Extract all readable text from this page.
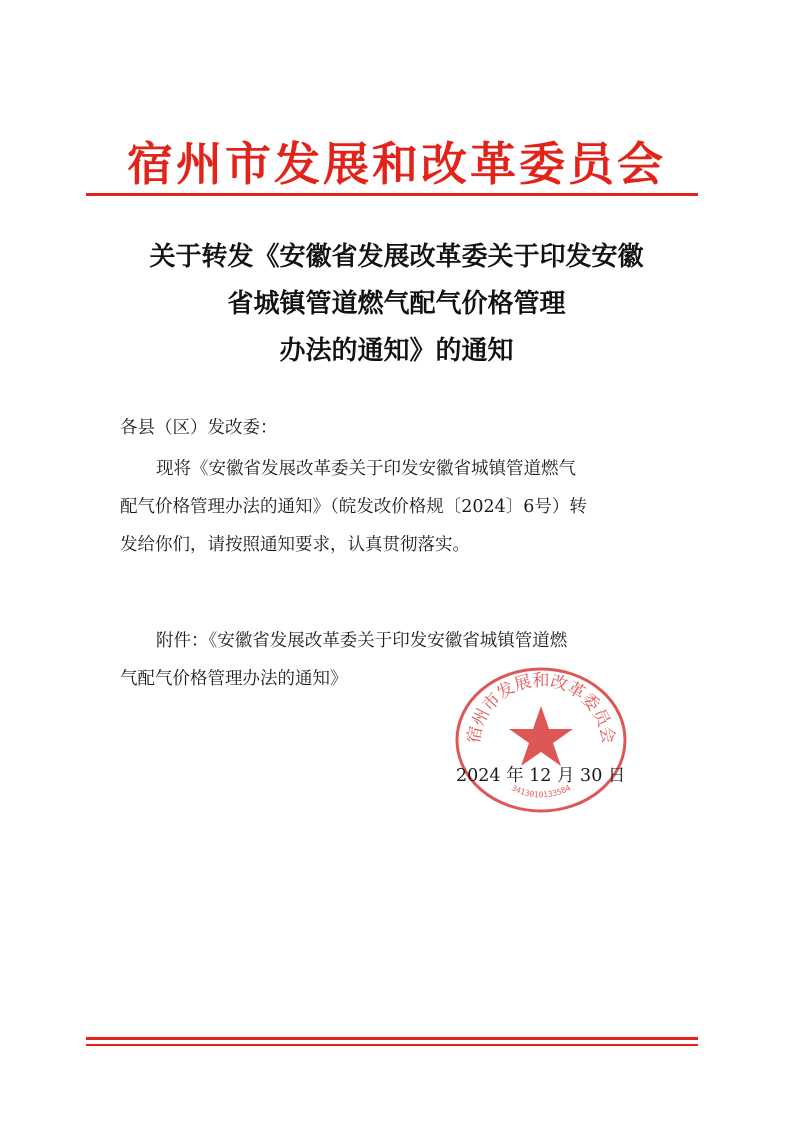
宿州市发展和改革委员会
关于转发《安徽省发展改革委关于印发安徽
省城镇管道燃气配气价格管理
办法的通知》的通知
各县（区）发改委：
现将《安徽省发展改革委关于印发安徽省城镇管道燃气
配气价格管理办法的通知》（皖发改价格规〔2024〕6号）转
发给你们，请按照通知要求，认真贯彻落实。
附件：《安徽省发展改革委关于印发安徽省城镇管道燃
气配气价格管理办法的通知》
宿州市发展和改革委员会
3413010133584
2024 年 12 月 30 日
